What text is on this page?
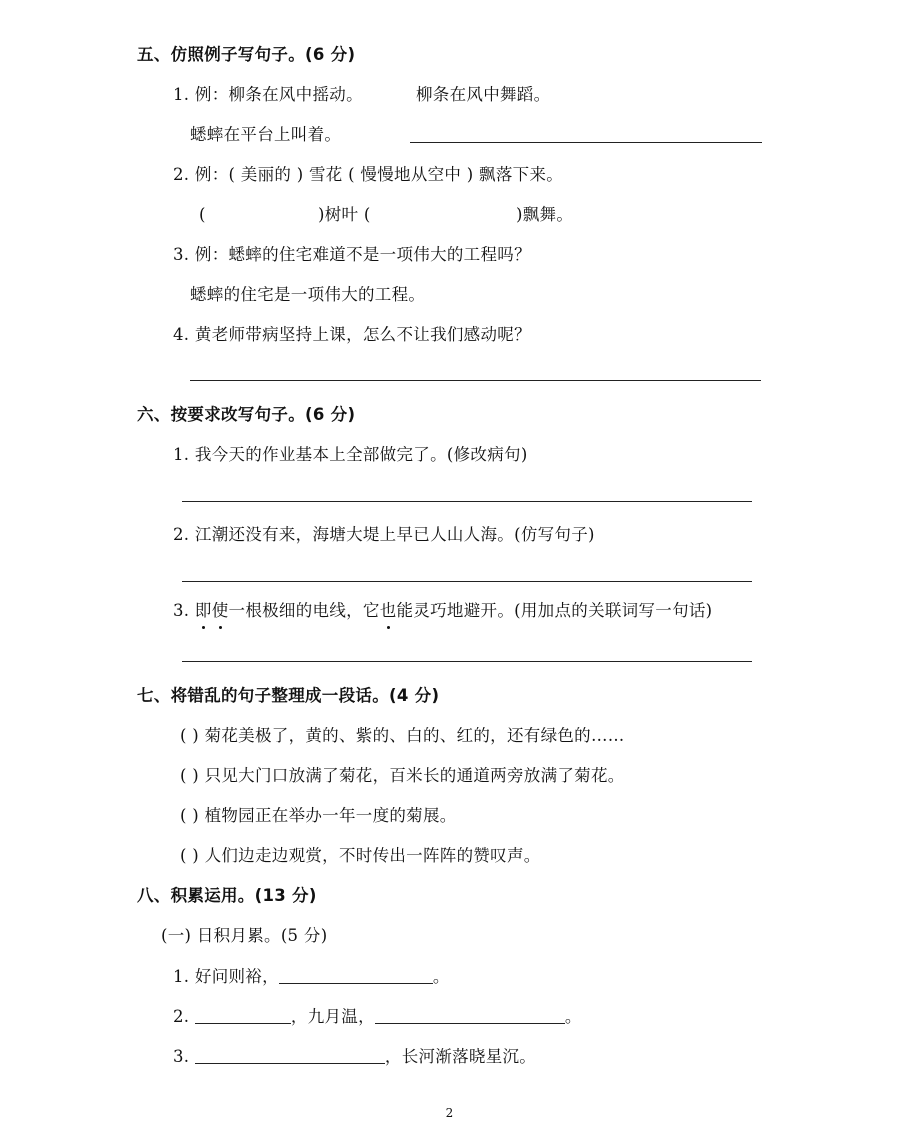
五、仿照例子写句子。(6 分)
1. 例：柳条在风中摇动。	柳条在风中舞蹈。
蟋蟀在平台上叫着。
2. 例：( 美丽的 ) 雪花 ( 慢慢地从空中 ) 飘落下来。
(	)树叶 (	)飘舞。
3. 例：蟋蟀的住宅难道不是一项伟大的工程吗？
蟋蟀的住宅是一项伟大的工程。
4. 黄老师带病坚持上课，怎么不让我们感动呢？
六、按要求改写句子。(6 分)
1. 我今天的作业基本上全部做完了。(修改病句)
2. 江潮还没有来，海塘大堤上早已人山人海。(仿写句子)
3. 即使一根极细的电线，它也能灵巧地避开。(用加点的关联词写一句话)
七、将错乱的句子整理成一段话。(4 分)
( ) 菊花美极了，黄的、紫的、白的、红的，还有绿色的……
( ) 只见大门口放满了菊花，百米长的通道两旁放满了菊花。
( ) 植物园正在举办一年一度的菊展。
( ) 人们边走边观赏，不时传出一阵阵的赞叹声。
八、积累运用。(13 分)
(一) 日积月累。(5 分)
1. 好问则裕，	。
2.	，九月温，	。
3.	，长河渐落晓星沉。
2
